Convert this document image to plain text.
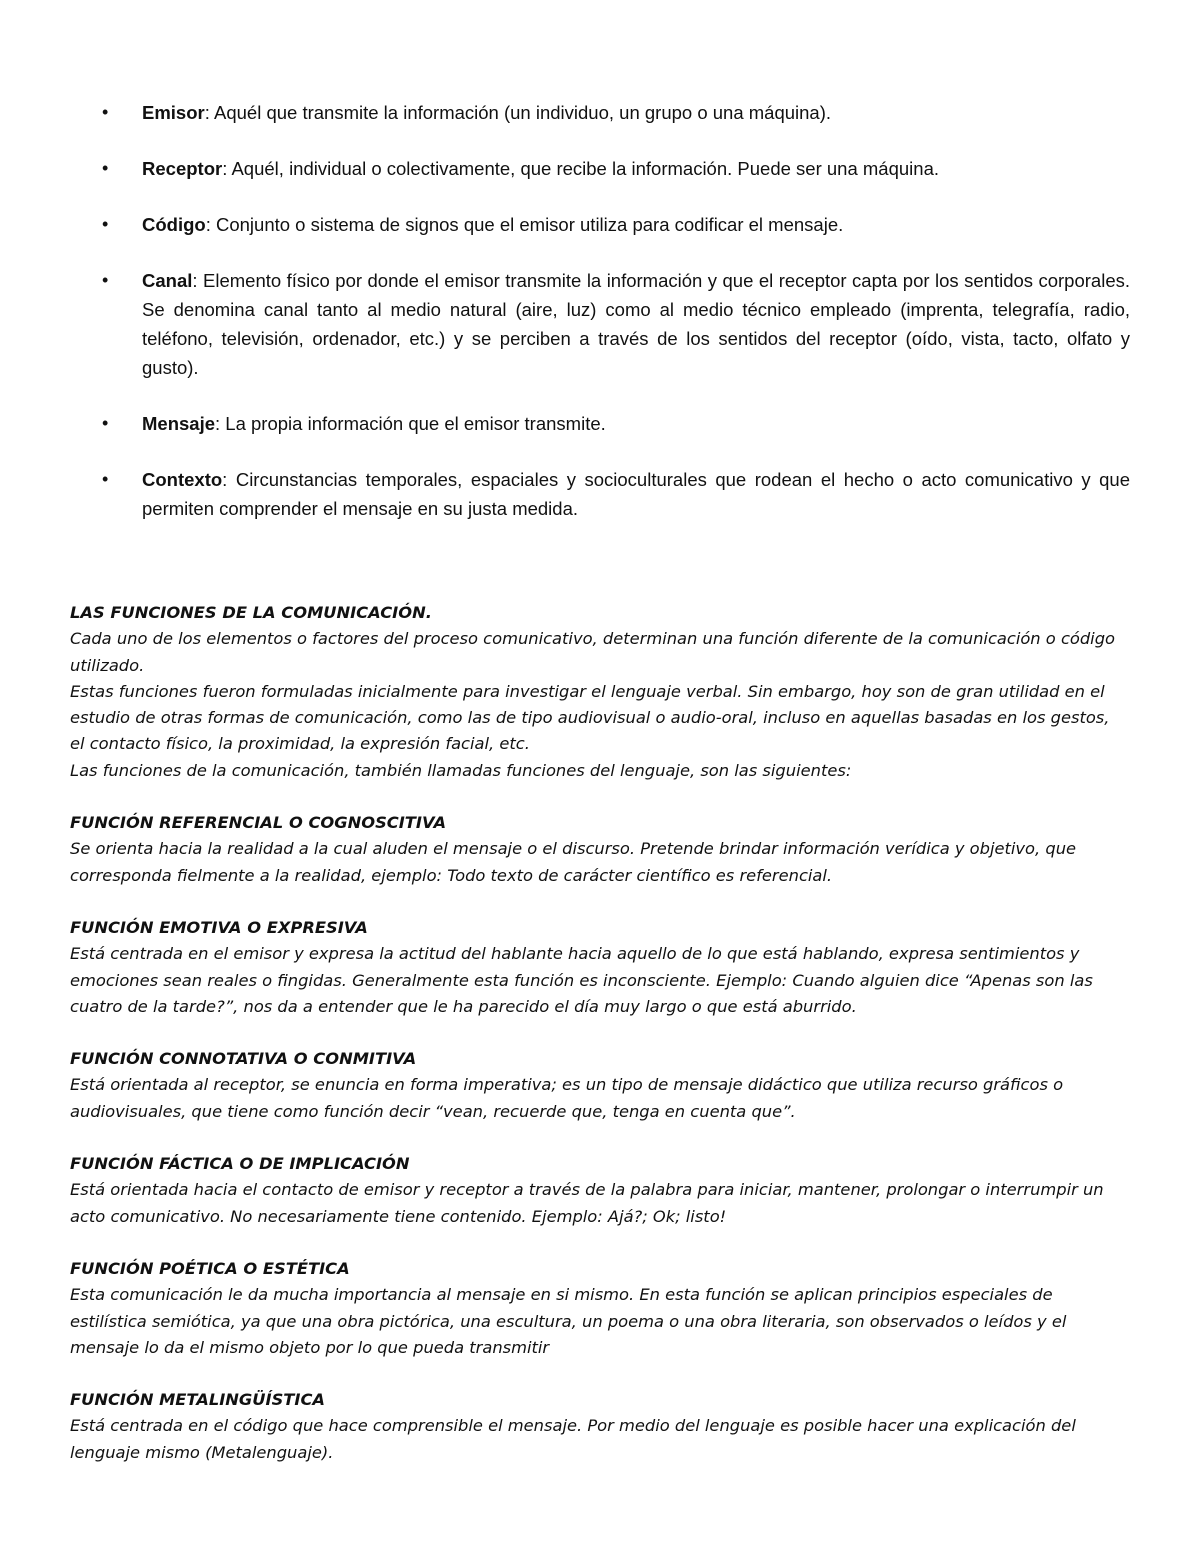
• Emisor: Aquél que transmite la información (un individuo, un grupo o una máquina).
• Receptor: Aquél, individual o colectivamente, que recibe la información. Puede ser una máquina.
• Código: Conjunto o sistema de signos que el emisor utiliza para codificar el mensaje.
• Canal: Elemento físico por donde el emisor transmite la información y que el receptor capta por los sentidos corporales. Se denomina canal tanto al medio natural (aire, luz) como al medio técnico empleado (imprenta, telegrafía, radio, teléfono, televisión, ordenador, etc.) y se perciben a través de los sentidos del receptor (oído, vista, tacto, olfato y gusto).
• Mensaje: La propia información que el emisor transmite.
• Contexto: Circunstancias temporales, espaciales y socioculturales que rodean el hecho o acto comunicativo y que permiten comprender el mensaje en su justa medida.

LAS FUNCIONES DE LA COMUNICACIÓN.

Cada uno de los elementos o factores del proceso comunicativo, determinan una función diferente de la comunicación o código utilizado.

Estas funciones fueron formuladas inicialmente para investigar el lenguaje verbal. Sin embargo, hoy son de gran utilidad en el estudio de otras formas de comunicación, como las de tipo audiovisual o audio-oral, incluso en aquellas basadas en los gestos, el contacto físico, la proximidad, la expresión facial, etc.

Las funciones de la comunicación, también llamadas funciones del lenguaje, son las siguientes:

FUNCIÓN REFERENCIAL O COGNOSCITIVA

Se orienta hacia la realidad a la cual aluden el mensaje o el discurso. Pretende brindar información verídica y objetivo, que corresponda fielmente a la realidad, ejemplo: Todo texto de carácter científico es referencial.

FUNCIÓN EMOTIVA O EXPRESIVA

Está centrada en el emisor y expresa la actitud del hablante hacia aquello de lo que está hablando, expresa sentimientos y emociones sean reales o fingidas. Generalmente esta función es inconsciente. Ejemplo: Cuando alguien dice “Apenas son las cuatro de la tarde?”, nos da a entender que le ha parecido el día muy largo o que está aburrido.

FUNCIÓN CONNOTATIVA O CONMITIVA

Está orientada al receptor, se enuncia en forma imperativa; es un tipo de mensaje didáctico que utiliza recurso gráficos o audiovisuales, que tiene como función decir “vean, recuerde que, tenga en cuenta que”.

FUNCIÓN FÁCTICA O DE IMPLICACIÓN

Está orientada hacia el contacto de emisor y receptor a través de la palabra para iniciar, mantener, prolongar o interrumpir un acto comunicativo. No necesariamente tiene contenido. Ejemplo: Ajá?; Ok; listo!

FUNCIÓN POÉTICA O ESTÉTICA

Esta comunicación le da mucha importancia al mensaje en si mismo. En esta función se aplican principios especiales de estilística semiótica, ya que una obra pictórica, una escultura, un poema o una obra literaria, son observados o leídos y el mensaje lo da el mismo objeto por lo que pueda transmitir

FUNCIÓN METALINGÜÍSTICA

Está centrada en el código que hace comprensible el mensaje. Por medio del lenguaje es posible hacer una explicación del lenguaje mismo (Metalenguaje).
